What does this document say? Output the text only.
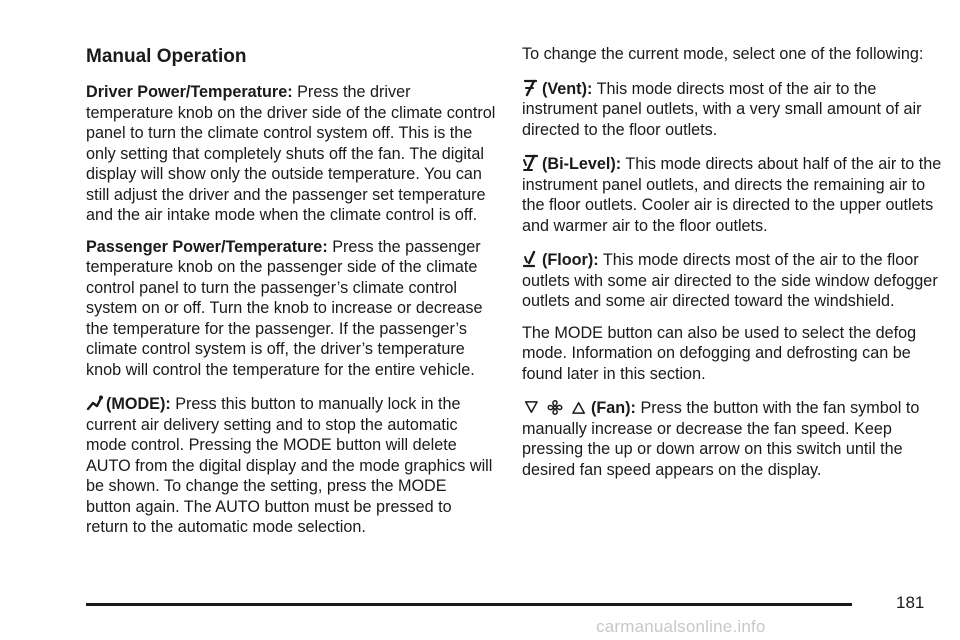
Manual Operation

Driver Power/Temperature: Press the driver temperature knob on the driver side of the climate control panel to turn the climate control system off. This is the only setting that completely shuts off the fan. The digital display will show only the outside temperature. You can still adjust the driver and the passenger set temperature and the air intake mode when the climate control is off.

Passenger Power/Temperature: Press the passenger temperature knob on the passenger side of the climate control panel to turn the passenger’s climate control system on or off. Turn the knob to increase or decrease the temperature for the passenger. If the passenger’s climate control system is off, the driver’s temperature knob will control the temperature for the entire vehicle.

(MODE): Press this button to manually lock in the current air delivery setting and to stop the automatic mode control. Pressing the MODE button will delete AUTO from the digital display and the mode graphics will be shown. To change the setting, press the MODE button again. The AUTO button must be pressed to return to the automatic mode selection.

To change the current mode, select one of the following:

(Vent): This mode directs most of the air to the instrument panel outlets, with a very small amount of air directed to the floor outlets.

(Bi-Level): This mode directs about half of the air to the instrument panel outlets, and directs the remaining air to the floor outlets. Cooler air is directed to the upper outlets and warmer air to the floor outlets.

(Floor): This mode directs most of the air to the floor outlets with some air directed to the side window defogger outlets and some air directed toward the windshield.

The MODE button can also be used to select the defog mode. Information on defogging and defrosting can be found later in this section.

(Fan): Press the button with the fan symbol to manually increase or decrease the fan speed. Keep pressing the up or down arrow on this switch until the desired fan speed appears on the display.

181
carmanualsonline.info
